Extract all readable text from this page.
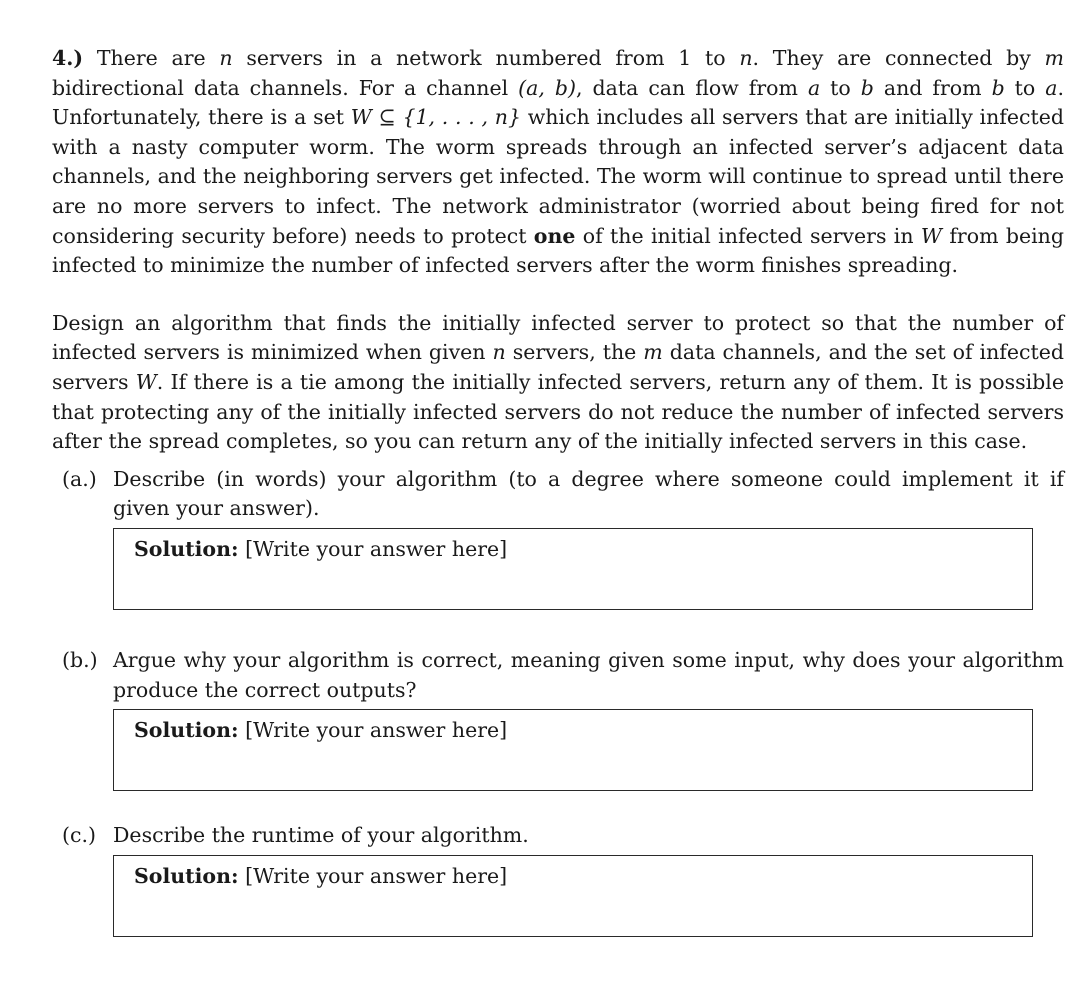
4.) There are n servers in a network numbered from 1 to n. They are connected by m bidirectional data channels. For a channel (a, b), data can flow from a to b and from b to a. Unfortunately, there is a set W ⊆ {1, . . . , n} which includes all servers that are initially infected with a nasty computer worm. The worm spreads through an infected server’s adjacent data channels, and the neighboring servers get infected. The worm will continue to spread until there are no more servers to infect. The network administrator (worried about being fired for not considering security before) needs to protect one of the initial infected servers in W from being infected to minimize the number of infected servers after the worm finishes spreading.

Design an algorithm that finds the initially infected server to protect so that the number of infected servers is minimized when given n servers, the m data channels, and the set of infected servers W. If there is a tie among the initially infected servers, return any of them. It is possible that protecting any of the initially infected servers do not reduce the number of infected servers after the spread completes, so you can return any of the initially infected servers in this case.

(a.) Describe (in words) your algorithm (to a degree where someone could implement it if given your answer).

Solution: [Write your answer here]
(b.) Argue why your algorithm is correct, meaning given some input, why does your algorithm produce the correct outputs?

Solution: [Write your answer here]
(c.) Describe the runtime of your algorithm.

Solution: [Write your answer here]
